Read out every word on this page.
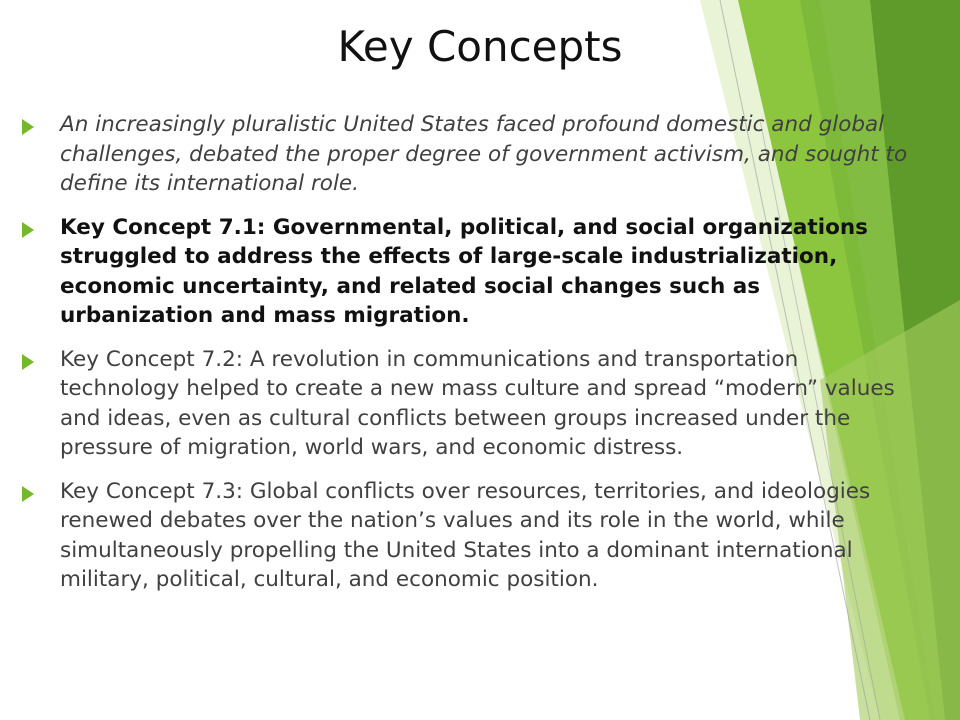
Key Concepts
An increasingly pluralistic United States faced profound domestic and global challenges, debated the proper degree of government activism, and sought to define its international role.
Key Concept 7.1: Governmental, political, and social organizations struggled to address the effects of large-scale industrialization, economic uncertainty, and related social changes such as urbanization and mass migration.
Key Concept 7.2: A revolution in communications and transportation technology helped to create a new mass culture and spread “modern” values and ideas, even as cultural conflicts between groups increased under the pressure of migration, world wars, and economic distress.
Key Concept 7.3: Global conflicts over resources, territories, and ideologies renewed debates over the nation’s values and its role in the world, while simultaneously propelling the United States into a dominant international military, political, cultural, and economic position.
